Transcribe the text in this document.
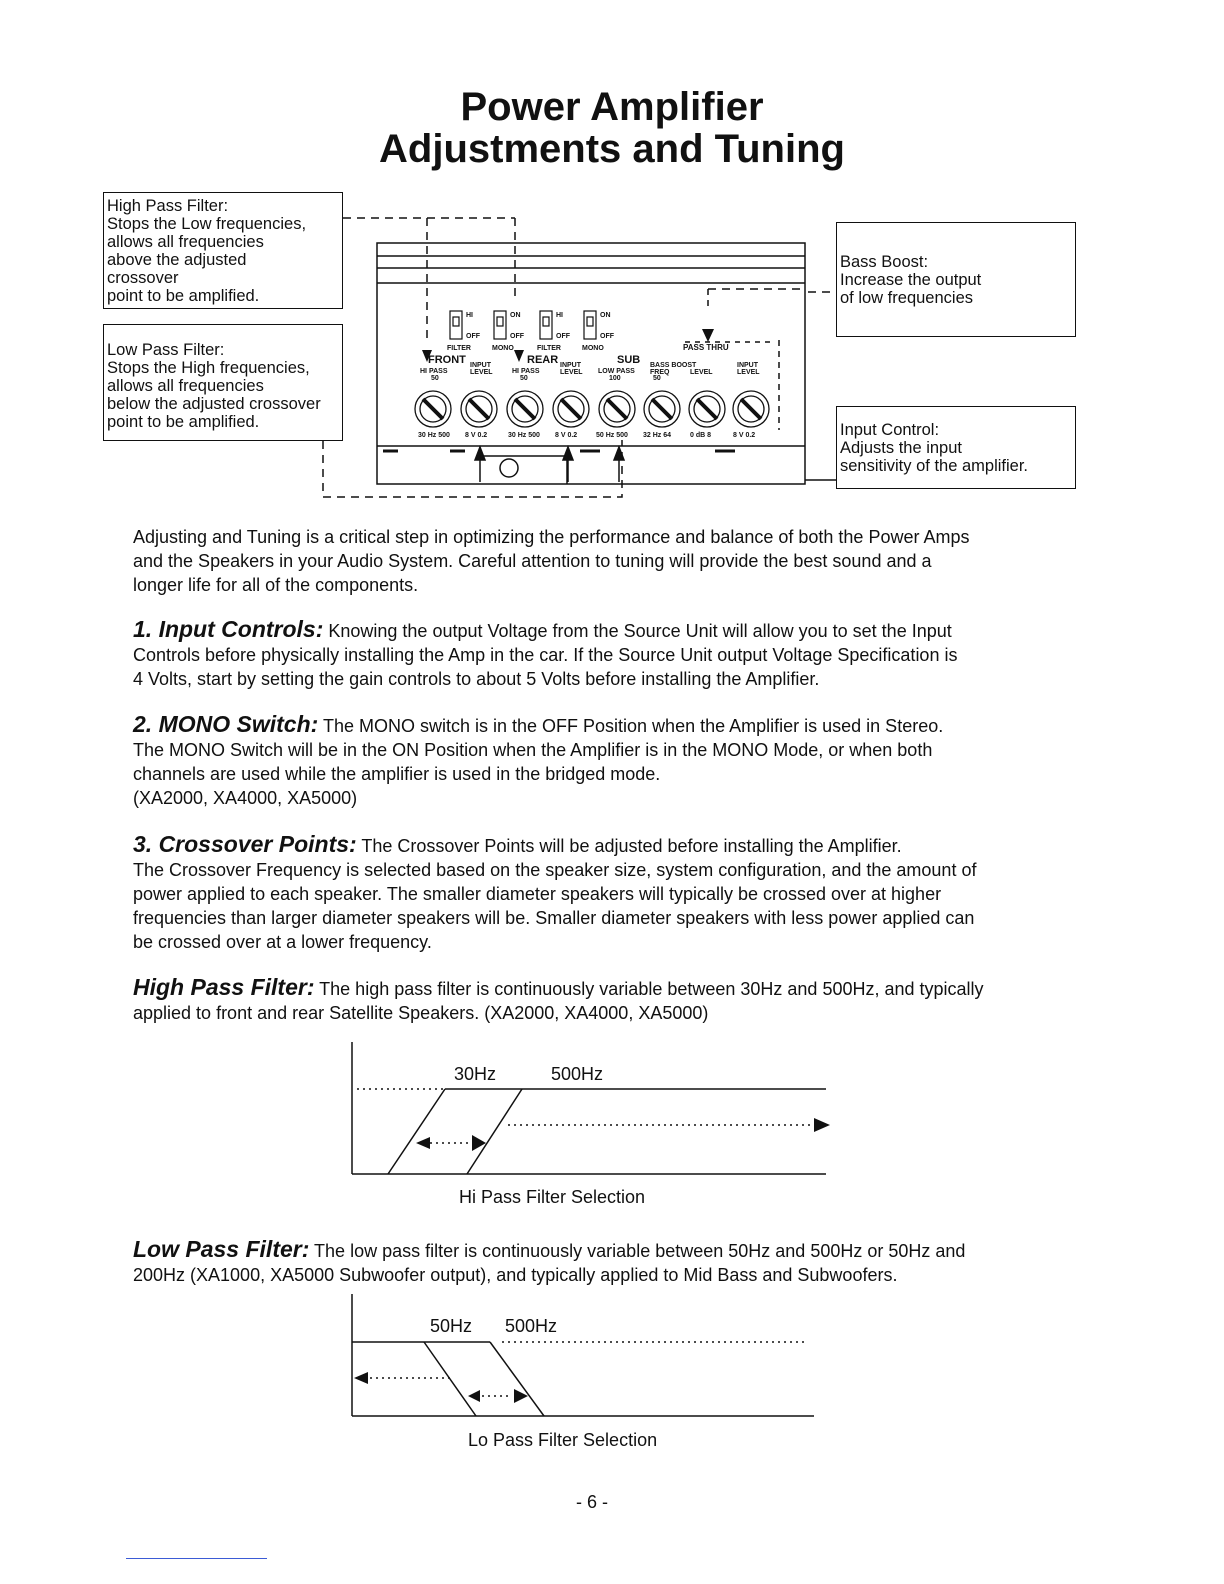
Power Amplifier
Adjustments and Tuning
HI
OFF
ON
OFF
HI
OFF
ON
OFF
FILTER	MONO	FILTER	MONO
FRONT	REAR	SUB
PASS THRU
HI PASS
50
INPUT
LEVEL	HI PASS
50
INPUT
LEVEL LOW PASS
100
BASS BOOST
FREQ
50
LEVEL
INPUT
LEVEL
30 Hz 500 8 V 0.2	30 Hz 500 8 V 0.2	50 Hz 500 32 Hz 64	0 dB 8	8 V 0.2
High Pass Filter:
Stops the Low frequencies,
allows all frequencies
above the adjusted
crossover
point to be amplified.
Low Pass Filter:
Stops the High frequencies,
allows all frequencies
below the adjusted crossover
point to be amplified.
Bass Boost:
Increase the output
of low frequencies
Input Control:
Adjusts the input
sensitivity of the amplifier.

Adjusting and Tuning is a critical step in optimizing the performance and balance of both the Power Amps
and the Speakers in your Audio System. Careful attention to tuning will provide the best sound and a
longer life for all of the components.

1. Input Controls: Knowing the output Voltage from the Source Unit will allow you to set the Input
Controls before physically installing the Amp in the car. If the Source Unit output Voltage Specification is
4 Volts, start by setting the gain controls to about 5 Volts before installing the Amplifier.

2. MONO Switch: The MONO switch is in the OFF Position when the Amplifier is used in Stereo.
The MONO Switch will be in the ON Position when the Amplifier is in the MONO Mode, or when both
channels are used while the amplifier is used in the bridged mode.
(XA2000, XA4000, XA5000)

3. Crossover Points: The Crossover Points will be adjusted before installing the Amplifier.
The Crossover Frequency is selected based on the speaker size, system configuration, and the amount of
power applied to each speaker. The smaller diameter speakers will typically be crossed over at higher
frequencies than larger diameter speakers will be. Smaller diameter speakers with less power applied can
be crossed over at a lower frequency.

High Pass Filter: The high pass filter is continuously variable between 30Hz and 500Hz, and typically
applied to front and rear Satellite Speakers. (XA2000, XA4000, XA5000)

30Hz	500Hz
Hi Pass Filter Selection

Low Pass Filter: The low pass filter is continuously variable between 50Hz and 500Hz or 50Hz and
200Hz (XA1000, XA5000 Subwoofer output), and typically applied to Mid Bass and Subwoofers.

50Hz 500Hz
Lo Pass Filter Selection
- 6 -
